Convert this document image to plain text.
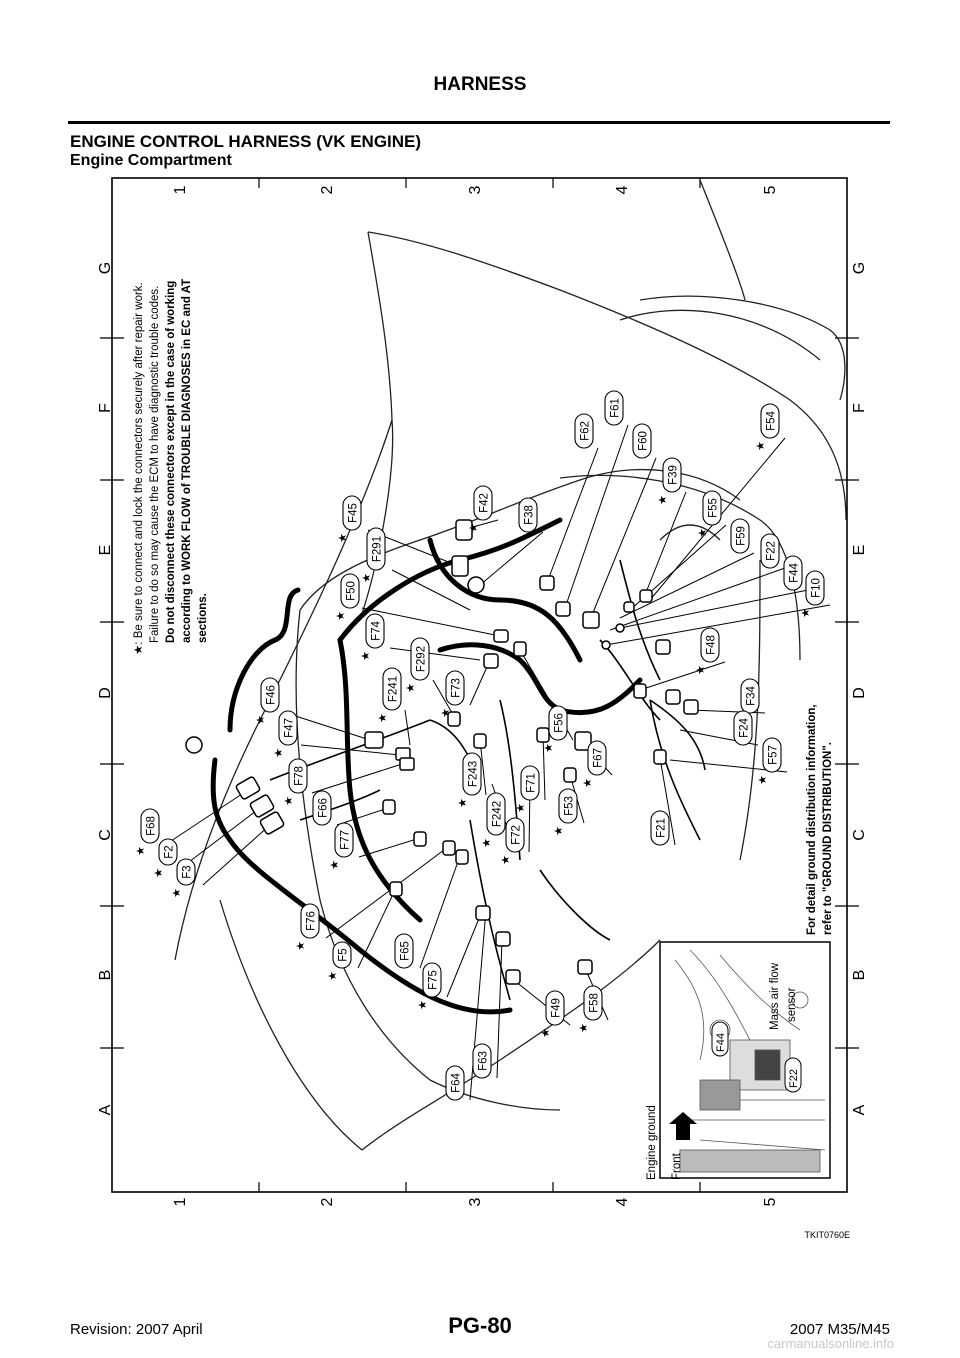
HARNESS
ENGINE CONTROL HARNESS (VK ENGINE)
Engine Compartment
1
1
2
2
3
3
4
4
5
5
A	A
B	B
C	C
D	D
E	E
F	F
G	G
F68
★ F2
★ F3
★
F46
★ F47
★
F78
★ F66
F77
★
F76
★
F5
★
F65
F75
★
F64
F63
F49
★
F58
★
F241
★
F292
★
F243
★ F242
★ F72
★
F71
★
F73
★
F74
★
F50
★
F291
★
F45
★
F42
★
F38
F56
★
F53
★
F67
★
F21
F62
F61
F60
F39
★
F54
★
F55
★ F59
F22
F44
F10
★
F48
★
F34
F24
F57
★
★: Be sure to connect and lock the connectors securely after repair work. Failure to do so may cause the ECM to have diagnostic trouble codes. Do not disconnect these connectors except in the case of working according to WORK FLOW of TROUBLE DIAGNOSES in EC and AT sections.
For detail ground distribution information, refer to "GROUND DISTRIBUTION".
Engine ground Front
Mass air flow sensor
F44
F22
TKIT0760E
Revision: 2007 April	PG-80	2007 M35/M45
carmanualsonline.info
